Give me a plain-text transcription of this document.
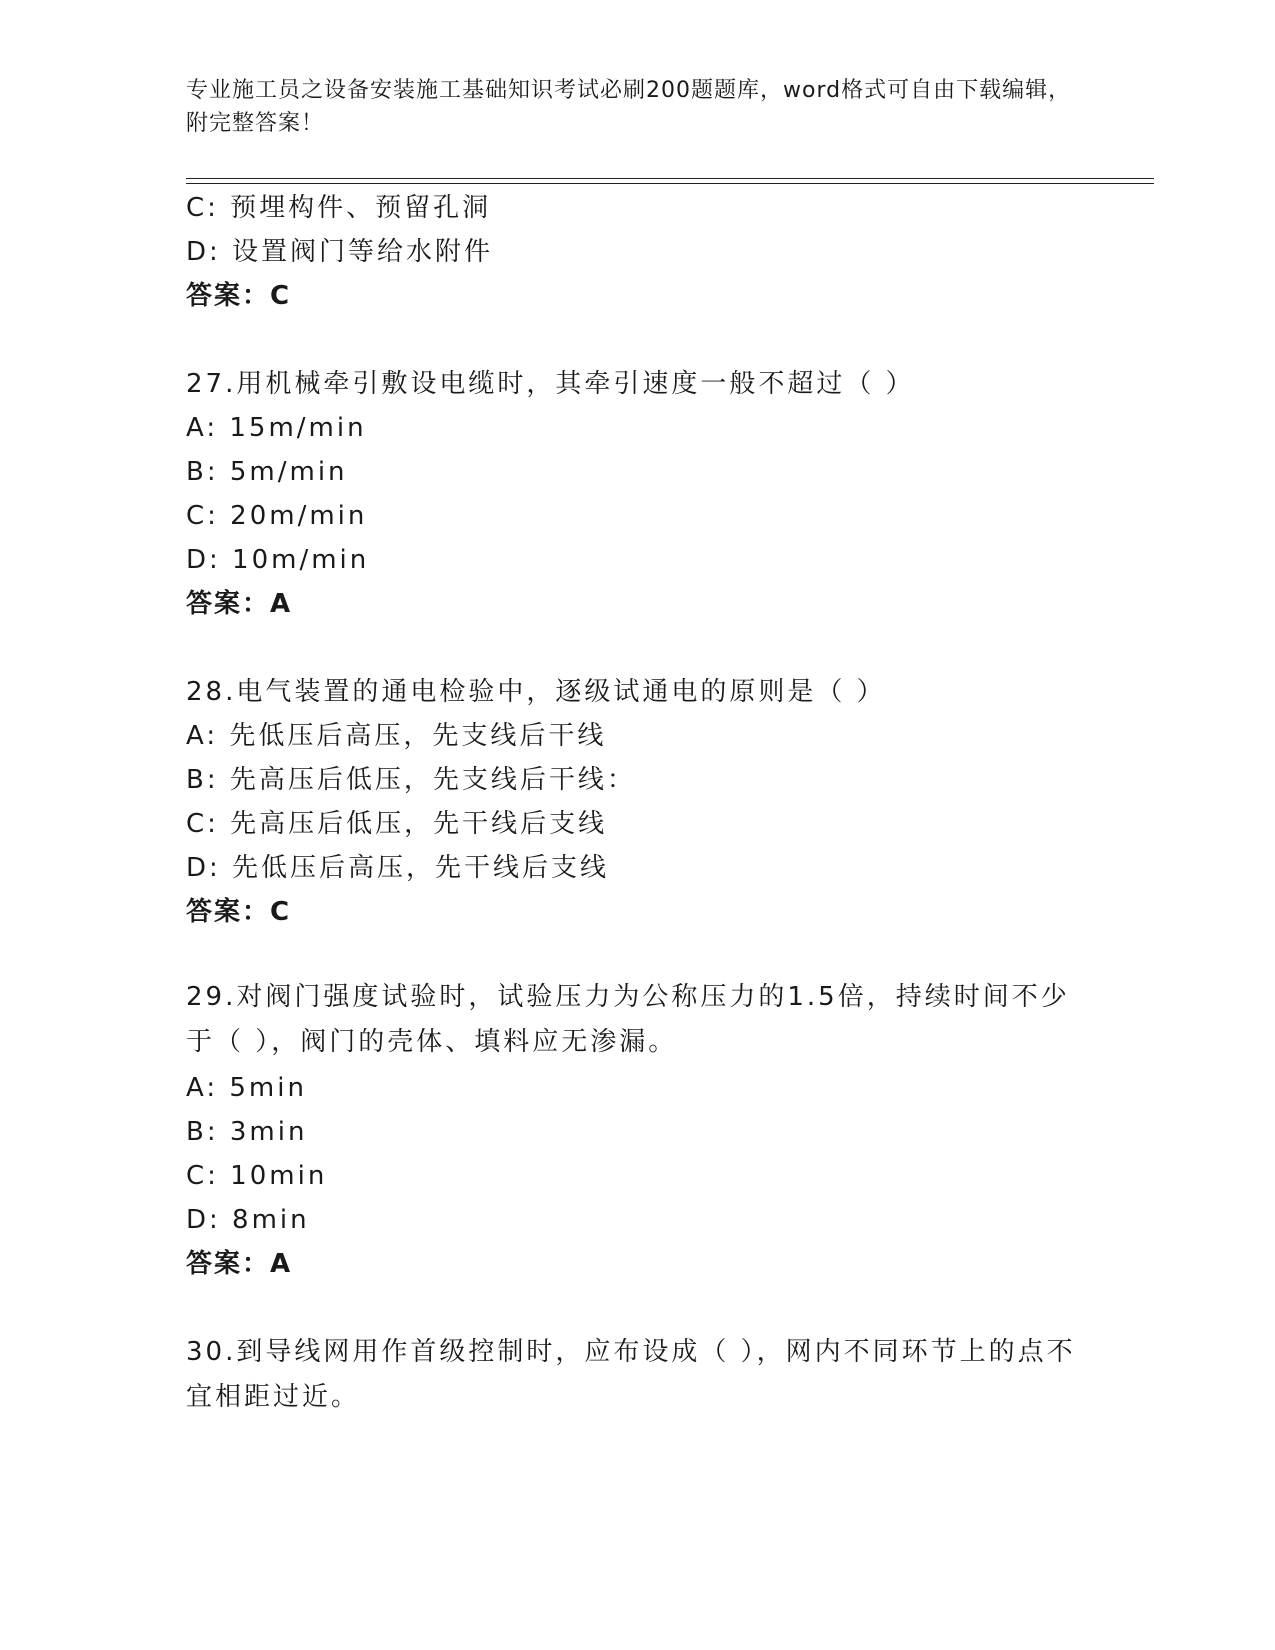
专业施工员之设备安装施工基础知识考试必刷200题题库，word格式可自由下载编辑，附完整答案！
C: 预埋构件、预留孔洞
D: 设置阀门等给水附件
答案：C
27.用机械牵引敷设电缆时，其牵引速度一般不超过（ ）
A: 15m/min
B: 5m/min
C: 20m/min
D: 10m/min
答案：A
28.电气装置的通电检验中，逐级试通电的原则是（ ）
A: 先低压后高压，先支线后干线
B: 先高压后低压，先支线后干线：
C: 先高压后低压，先干线后支线
D: 先低压后高压，先干线后支线
答案：C
29.对阀门强度试验时，试验压力为公称压力的1.5倍，持续时间不少于（ ），阀门的壳体、填料应无渗漏。
A: 5min
B: 3min
C: 10min
D: 8min
答案：A
30.到导线网用作首级控制时，应布设成（ ），网内不同环节上的点不宜相距过近。
